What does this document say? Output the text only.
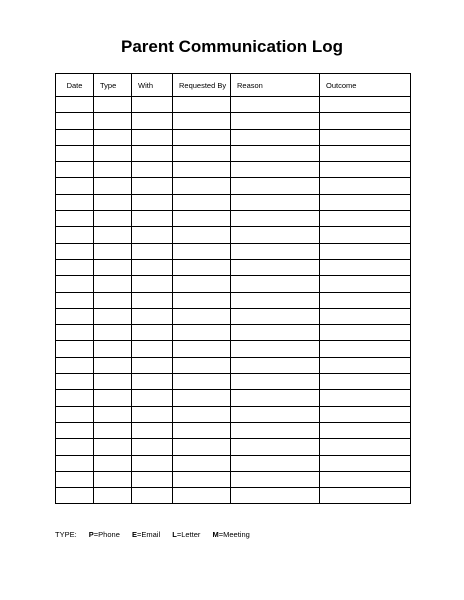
Parent Communication Log
Date	Type	With	Requested By	Reason	Outcome

TYPE: P=Phone E=Email L=Letter M=Meeting
